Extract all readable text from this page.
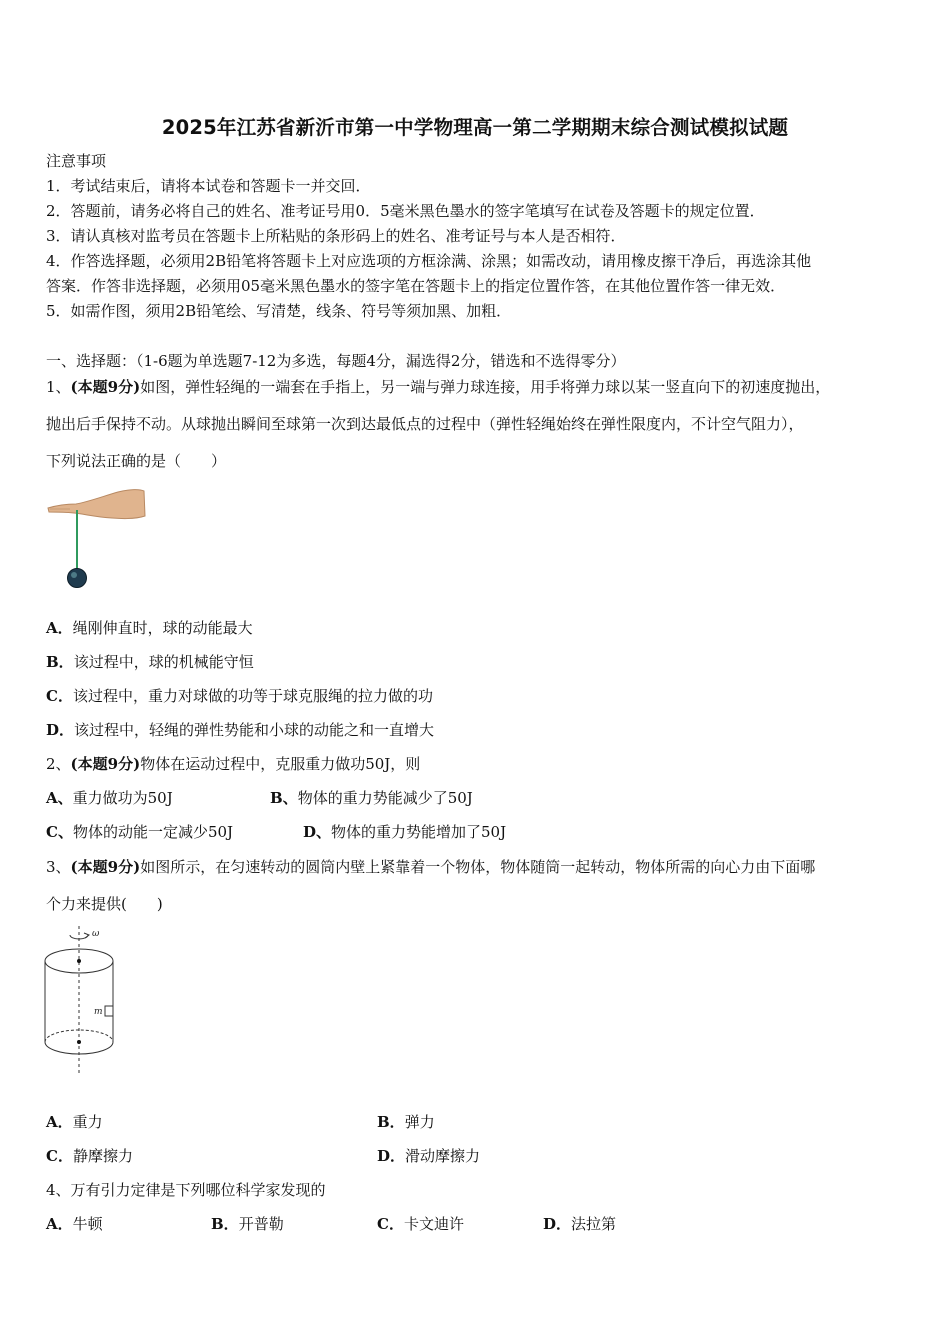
2025年江苏省新沂市第一中学物理高一第二学期期末综合测试模拟试题
注意事项
1．考试结束后，请将本试卷和答题卡一并交回．
2．答题前，请务必将自己的姓名、准考证号用0．5毫米黑色墨水的签字笔填写在试卷及答题卡的规定位置．
3．请认真核对监考员在答题卡上所粘贴的条形码上的姓名、准考证号与本人是否相符．
4．作答选择题，必须用2B铅笔将答题卡上对应选项的方框涂满、涂黑；如需改动，请用橡皮擦干净后，再选涂其他
答案．作答非选择题，必须用05毫米黑色墨水的签字笔在答题卡上的指定位置作答，在其他位置作答一律无效．
5．如需作图，须用2B铅笔绘、写清楚，线条、符号等须加黑、加粗．
一、选择题：（1-6题为单选题7-12为多选，每题4分，漏选得2分，错选和不选得零分）
1、(本题9分)如图，弹性轻绳的一端套在手指上，另一端与弹力球连接，用手将弹力球以某一竖直向下的初速度抛出，
抛出后手保持不动。从球抛出瞬间至球第一次到达最低点的过程中（弹性轻绳始终在弹性限度内，不计空气阻力），
下列说法正确的是（　　）
A．绳刚伸直时，球的动能最大
B．该过程中，球的机械能守恒
C．该过程中，重力对球做的功等于球克服绳的拉力做的功
D．该过程中，轻绳的弹性势能和小球的动能之和一直增大
2、(本题9分)物体在运动过程中，克服重力做功50J，则
A、重力做功为50J	B、物体的重力势能减少了50J
C、物体的动能一定减少50J	D、物体的重力势能增加了50J
3、(本题9分)如图所示，在匀速转动的圆筒内壁上紧靠着一个物体，物体随筒一起转动，物体所需的向心力由下面哪
个力来提供(　　)
ω
m
A．重力	B．弹力
C．静摩擦力	D．滑动摩擦力
4、万有引力定律是下列哪位科学家发现的
A．牛顿	B．开普勒	C．卡文迪许	D．法拉第
